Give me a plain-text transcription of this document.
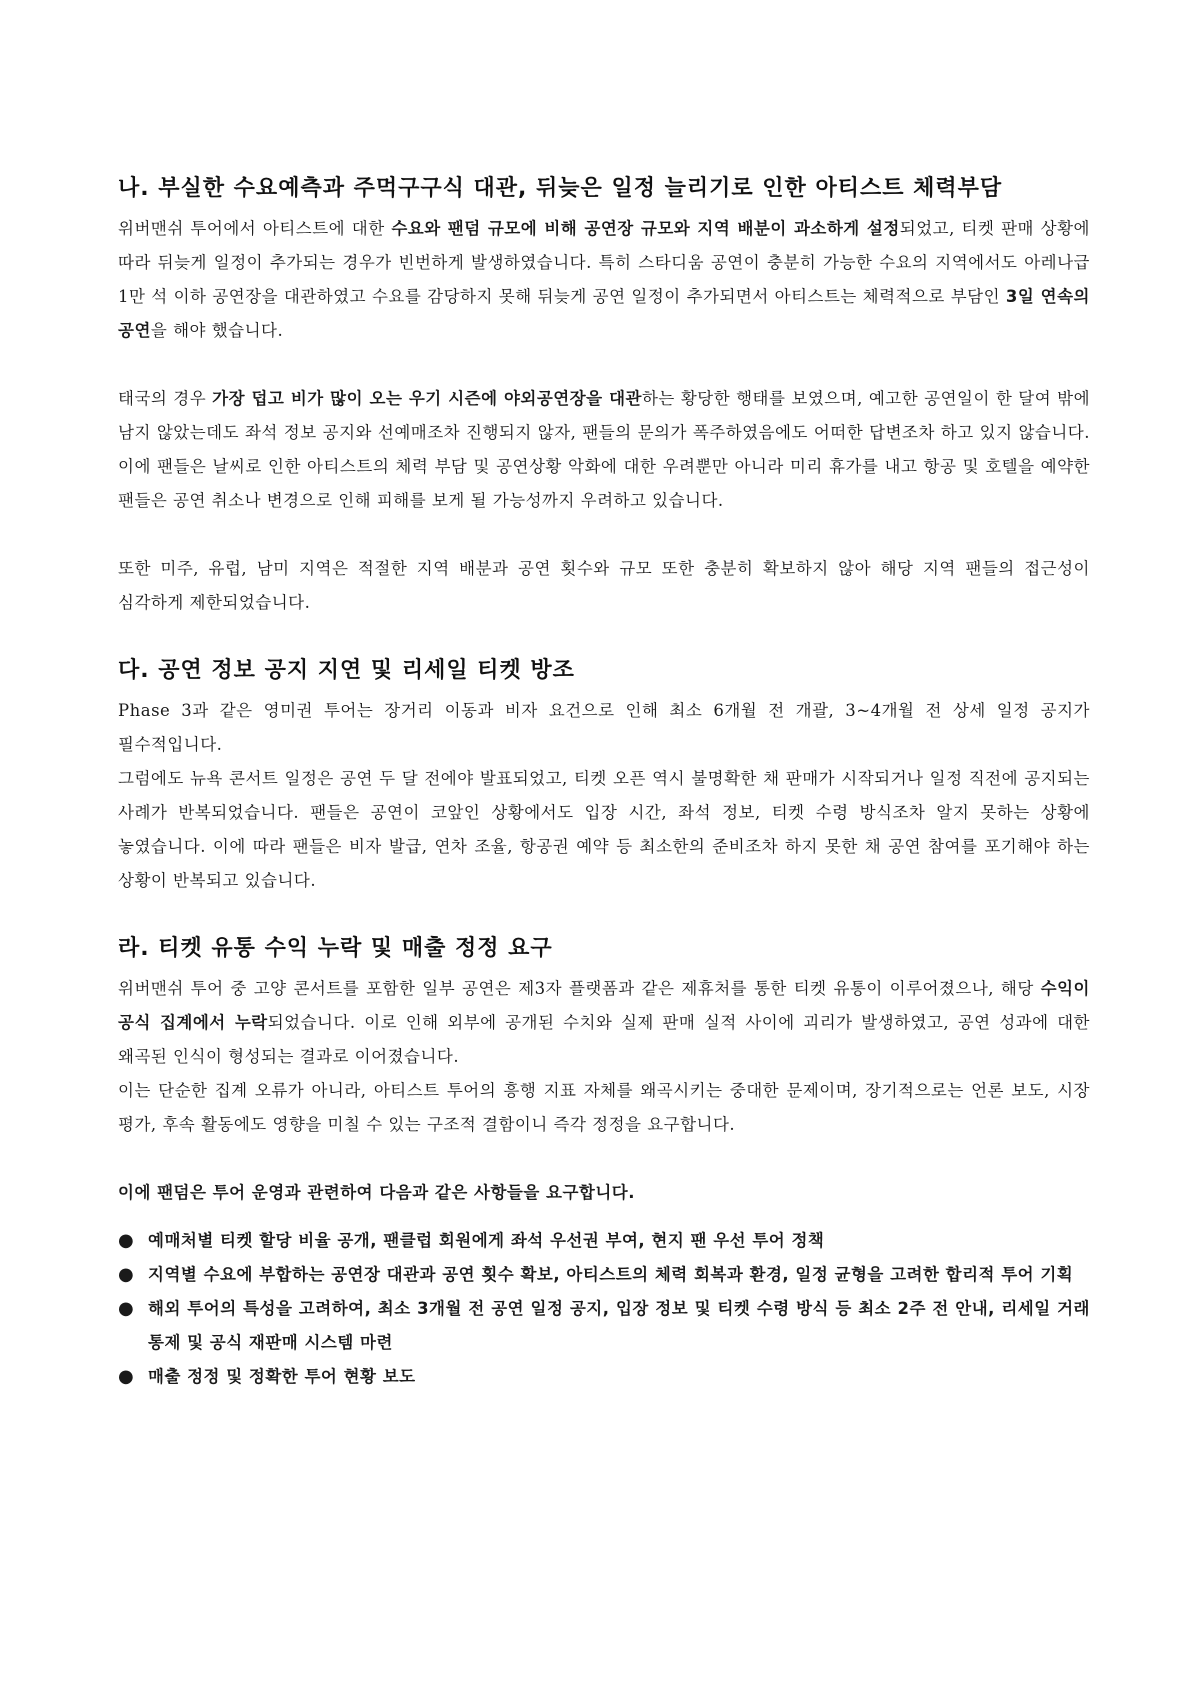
나. 부실한 수요예측과 주먹구구식 대관, 뒤늦은 일정 늘리기로 인한 아티스트 체력부담

위버맨쉬 투어에서 아티스트에 대한 수요와 팬덤 규모에 비해 공연장 규모와 지역 배분이 과소하게 설정되었고, 티켓 판매 상황에 따라 뒤늦게 일정이 추가되는 경우가 빈번하게 발생하였습니다. 특히 스타디움 공연이 충분히 가능한 수요의 지역에서도 아레나급 1만 석 이하 공연장을 대관하였고 수요를 감당하지 못해 뒤늦게 공연 일정이 추가되면서 아티스트는 체력적으로 부담인 3일 연속의 공연을 해야 했습니다.

태국의 경우 가장 덥고 비가 많이 오는 우기 시즌에 야외공연장을 대관하는 황당한 행태를 보였으며, 예고한 공연일이 한 달여 밖에 남지 않았는데도 좌석 정보 공지와 선예매조차 진행되지 않자, 팬들의 문의가 폭주하였음에도 어떠한 답변조차 하고 있지 않습니다. 이에 팬들은 날씨로 인한 아티스트의 체력 부담 및 공연상황 악화에 대한 우려뿐만 아니라 미리 휴가를 내고 항공 및 호텔을 예약한 팬들은 공연 취소나 변경으로 인해 피해를 보게 될 가능성까지 우려하고 있습니다.

또한 미주, 유럽, 남미 지역은 적절한 지역 배분과 공연 횟수와 규모 또한 충분히 확보하지 않아 해당 지역 팬들의 접근성이 심각하게 제한되었습니다.

다. 공연 정보 공지 지연 및 리세일 티켓 방조

Phase 3과 같은 영미권 투어는 장거리 이동과 비자 요건으로 인해 최소 6개월 전 개괄, 3~4개월 전 상세 일정 공지가 필수적입니다.

그럼에도 뉴욕 콘서트 일정은 공연 두 달 전에야 발표되었고, 티켓 오픈 역시 불명확한 채 판매가 시작되거나 일정 직전에 공지되는 사례가 반복되었습니다. 팬들은 공연이 코앞인 상황에서도 입장 시간, 좌석 정보, 티켓 수령 방식조차 알지 못하는 상황에 놓였습니다. 이에 따라 팬들은 비자 발급, 연차 조율, 항공권 예약 등 최소한의 준비조차 하지 못한 채 공연 참여를 포기해야 하는 상황이 반복되고 있습니다.

라. 티켓 유통 수익 누락 및 매출 정정 요구

위버맨쉬 투어 중 고양 콘서트를 포함한 일부 공연은 제3자 플랫폼과 같은 제휴처를 통한 티켓 유통이 이루어졌으나, 해당 수익이 공식 집계에서 누락되었습니다. 이로 인해 외부에 공개된 수치와 실제 판매 실적 사이에 괴리가 발생하였고, 공연 성과에 대한 왜곡된 인식이 형성되는 결과로 이어졌습니다.

이는 단순한 집계 오류가 아니라, 아티스트 투어의 흥행 지표 자체를 왜곡시키는 중대한 문제이며, 장기적으로는 언론 보도, 시장 평가, 후속 활동에도 영향을 미칠 수 있는 구조적 결함이니 즉각 정정을 요구합니다.

이에 팬덤은 투어 운영과 관련하여 다음과 같은 사항들을 요구합니다.
● 예매처별 티켓 할당 비율 공개, 팬클럽 회원에게 좌석 우선권 부여, 현지 팬 우선 투어 정책
● 지역별 수요에 부합하는 공연장 대관과 공연 횟수 확보, 아티스트의 체력 회복과 환경, 일정 균형을 고려한 합리적 투어 기획
● 해외 투어의 특성을 고려하여, 최소 3개월 전 공연 일정 공지, 입장 정보 및 티켓 수령 방식 등 최소 2주 전 안내, 리세일 거래 통제 및 공식 재판매 시스템 마련
● 매출 정정 및 정확한 투어 현황 보도
